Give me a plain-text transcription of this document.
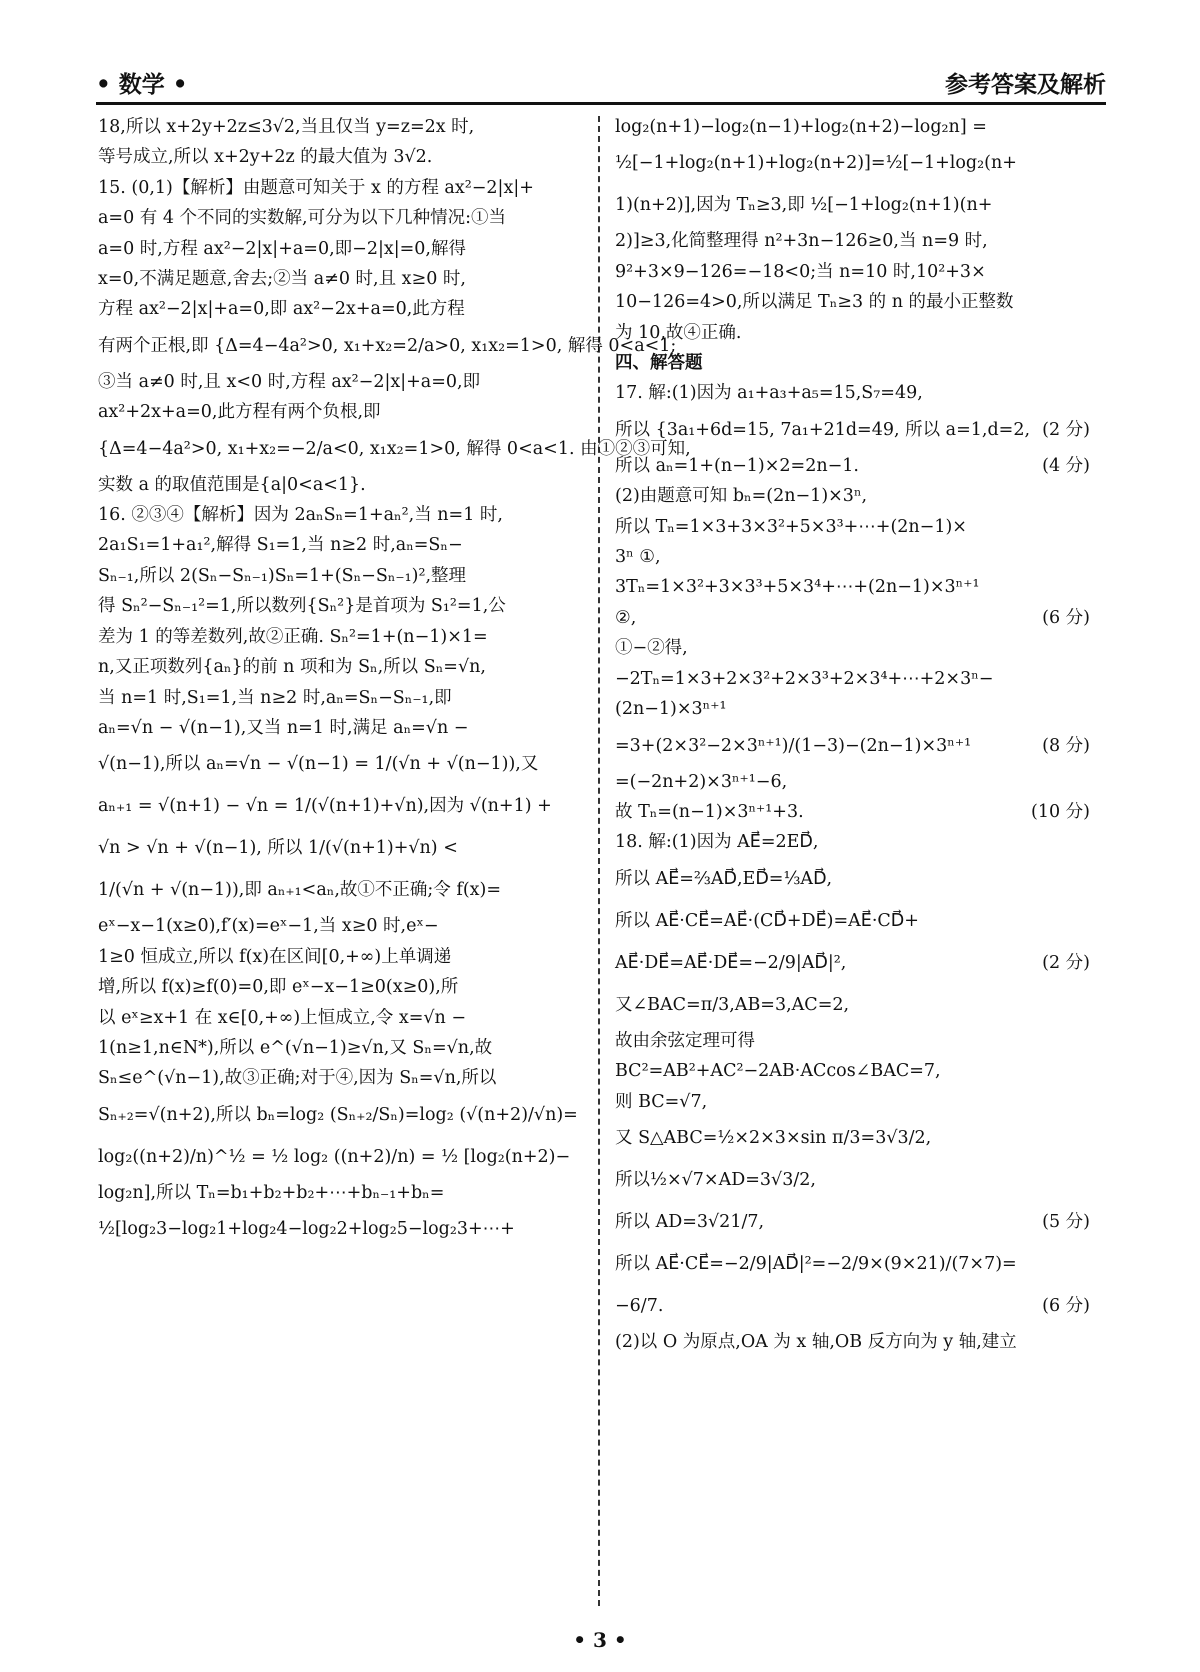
• 数学 •	参考答案及解析
18,所以 x+2y+2z≤3√2,当且仅当 y=z=2x 时,
等号成立,所以 x+2y+2z 的最大值为 3√2.
15. (0,1)【解析】由题意可知关于 x 的方程 ax²−2|x|+
a=0 有 4 个不同的实数解,可分为以下几种情况:①当
a=0 时,方程 ax²−2|x|+a=0,即−2|x|=0,解得
x=0,不满足题意,舍去;②当 a≠0 时,且 x≥0 时,
方程 ax²−2|x|+a=0,即 ax²−2x+a=0,此方程
有两个正根,即 {Δ=4−4a²>0, x₁+x₂=2/a>0, x₁x₂=1>0, 解得 0<a<1;
③当 a≠0 时,且 x<0 时,方程 ax²−2|x|+a=0,即
ax²+2x+a=0,此方程有两个负根,即
{Δ=4−4a²>0, x₁+x₂=−2/a<0, x₁x₂=1>0, 解得 0<a<1. 由①②③可知,
实数 a 的取值范围是{a|0<a<1}.
16. ②③④【解析】因为 2aₙSₙ=1+aₙ²,当 n=1 时,
2a₁S₁=1+a₁²,解得 S₁=1,当 n≥2 时,aₙ=Sₙ−
Sₙ₋₁,所以 2(Sₙ−Sₙ₋₁)Sₙ=1+(Sₙ−Sₙ₋₁)²,整理
得 Sₙ²−Sₙ₋₁²=1,所以数列{Sₙ²}是首项为 S₁²=1,公
差为 1 的等差数列,故②正确. Sₙ²=1+(n−1)×1=
n,又正项数列{aₙ}的前 n 项和为 Sₙ,所以 Sₙ=√n,
当 n=1 时,S₁=1,当 n≥2 时,aₙ=Sₙ−Sₙ₋₁,即
aₙ=√n − √(n−1),又当 n=1 时,满足 aₙ=√n −
√(n−1),所以 aₙ=√n − √(n−1) = 1/(√n + √(n−1)),又
aₙ₊₁ = √(n+1) − √n = 1/(√(n+1)+√n),因为 √(n+1) +
√n > √n + √(n−1), 所以 1/(√(n+1)+√n) <
1/(√n + √(n−1)),即 aₙ₊₁<aₙ,故①不正确;令 f(x)=
eˣ−x−1(x≥0),f′(x)=eˣ−1,当 x≥0 时,eˣ−
1≥0 恒成立,所以 f(x)在区间[0,+∞)上单调递
增,所以 f(x)≥f(0)=0,即 eˣ−x−1≥0(x≥0),所
以 eˣ≥x+1 在 x∈[0,+∞)上恒成立,令 x=√n −
1(n≥1,n∈N*),所以 e^(√n−1)≥√n,又 Sₙ=√n,故
Sₙ≤e^(√n−1),故③正确;对于④,因为 Sₙ=√n,所以
Sₙ₊₂=√(n+2),所以 bₙ=log₂ (Sₙ₊₂/Sₙ)=log₂ (√(n+2)/√n)=
log₂((n+2)/n)^½ = ½ log₂ ((n+2)/n) = ½ [log₂(n+2)−
log₂n],所以 Tₙ=b₁+b₂+b₂+⋯+bₙ₋₁+bₙ=
½[log₂3−log₂1+log₂4−log₂2+log₂5−log₂3+⋯+
log₂(n+1)−log₂(n−1)+log₂(n+2)−log₂n] =
½[−1+log₂(n+1)+log₂(n+2)]=½[−1+log₂(n+
1)(n+2)],因为 Tₙ≥3,即 ½[−1+log₂(n+1)(n+
2)]≥3,化简整理得 n²+3n−126≥0,当 n=9 时,
9²+3×9−126=−18<0;当 n=10 时,10²+3×
10−126=4>0,所以满足 Tₙ≥3 的 n 的最小正整数
为 10,故④正确.
四、解答题
17. 解:(1)因为 a₁+a₃+a₅=15,S₇=49,
所以 {3a₁+6d=15, 7a₁+21d=49, 所以 a=1,d=2, (2 分)
所以 aₙ=1+(n−1)×2=2n−1.	(4 分)
(2)由题意可知 bₙ=(2n−1)×3ⁿ,
所以 Tₙ=1×3+3×3²+5×3³+⋯+(2n−1)×
3ⁿ ①,
3Tₙ=1×3²+3×3³+5×3⁴+⋯+(2n−1)×3ⁿ⁺¹
②,	(6 分)
①−②得,
−2Tₙ=1×3+2×3²+2×3³+2×3⁴+⋯+2×3ⁿ−
(2n−1)×3ⁿ⁺¹
=3+(2×3²−2×3ⁿ⁺¹)/(1−3)−(2n−1)×3ⁿ⁺¹	(8 分)
=(−2n+2)×3ⁿ⁺¹−6,
故 Tₙ=(n−1)×3ⁿ⁺¹+3.	(10 分)
18. 解:(1)因为 AE⃗=2ED⃗,
所以 AE⃗=⅔AD⃗,ED⃗=⅓AD⃗,
所以 AE⃗·CE⃗=AE⃗·(CD⃗+DE⃗)=AE⃗·CD⃗+
AE⃗·DE⃗=AE⃗·DE⃗=−2/9|AD⃗|²,	(2 分)
又∠BAC=π/3,AB=3,AC=2,
故由余弦定理可得
BC²=AB²+AC²−2AB·ACcos∠BAC=7,
则 BC=√7,
又 S△ABC=½×2×3×sin π/3=3√3/2,
所以½×√7×AD=3√3/2,
所以 AD=3√21/7,	(5 分)
所以 AE⃗·CE⃗=−2/9|AD⃗|²=−2/9×(9×21)/(7×7)=
−6/7.	(6 分)
(2)以 O 为原点,OA 为 x 轴,OB 反方向为 y 轴,建立
• 3 •
